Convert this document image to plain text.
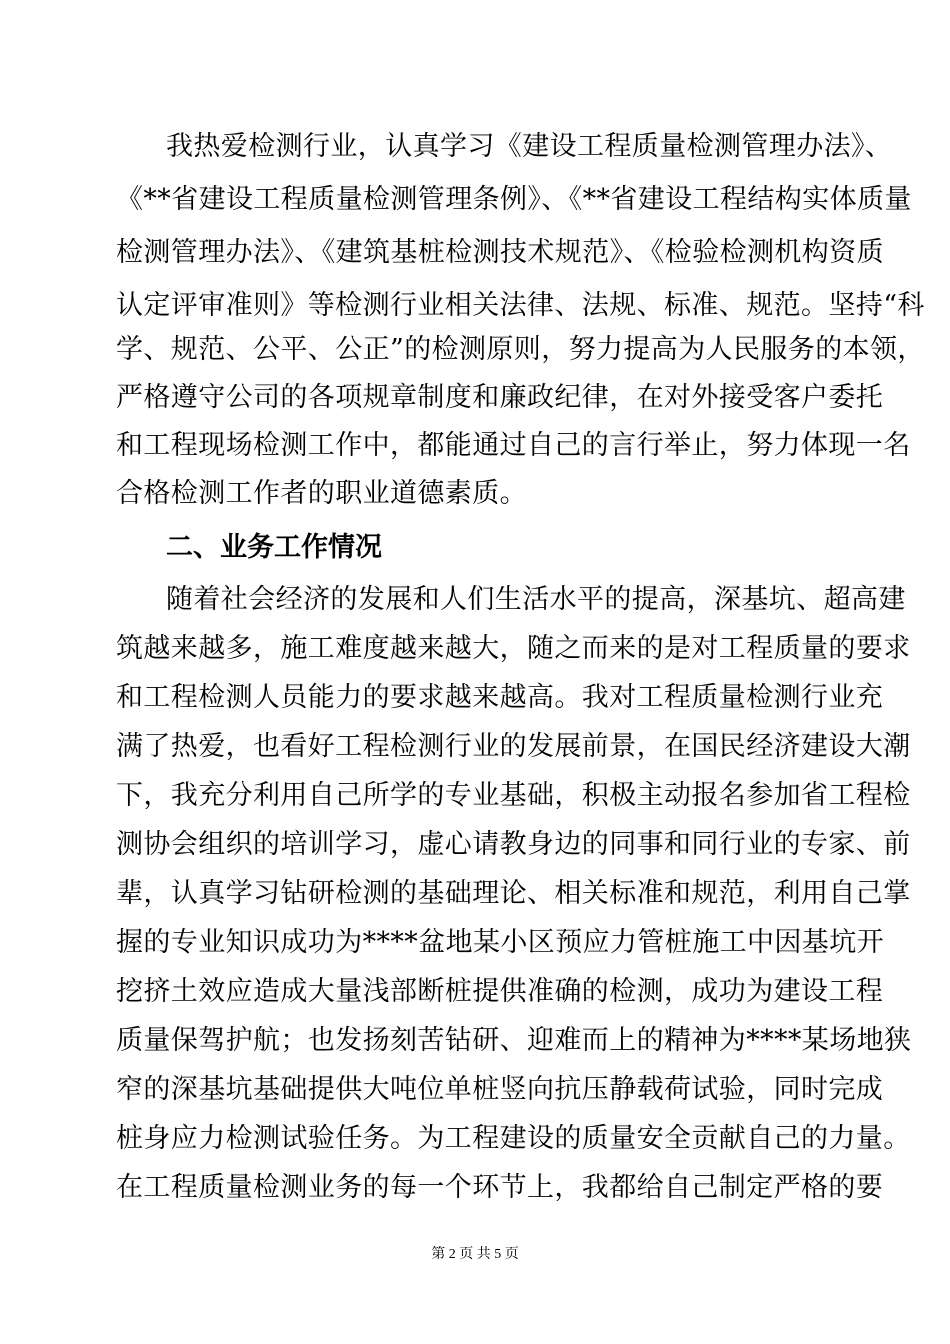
我热爱检测行业，认真学习《建设工程质量检测管理办法》、
《**省建设工程质量检测管理条例》、《**省建设工程结构实体质量
检测管理办法》、《建筑基桩检测技术规范》、《检验检测机构资质
认定评审准则》等检测行业相关法律、法规、标准、规范。坚持“科
学、规范、公平、公正”的检测原则，努力提高为人民服务的本领，
严格遵守公司的各项规章制度和廉政纪律，在对外接受客户委托
和工程现场检测工作中，都能通过自己的言行举止，努力体现一名
合格检测工作者的职业道德素质。
二、业务工作情况
随着社会经济的发展和人们生活水平的提高，深基坑、超高建
筑越来越多，施工难度越来越大，随之而来的是对工程质量的要求
和工程检测人员能力的要求越来越高。我对工程质量检测行业充
满了热爱，也看好工程检测行业的发展前景，在国民经济建设大潮
下，我充分利用自己所学的专业基础，积极主动报名参加省工程检
测协会组织的培训学习，虚心请教身边的同事和同行业的专家、前
辈，认真学习钻研检测的基础理论、相关标准和规范，利用自己掌
握的专业知识成功为****盆地某小区预应力管桩施工中因基坑开
挖挤土效应造成大量浅部断桩提供准确的检测，成功为建设工程
质量保驾护航；也发扬刻苦钻研、迎难而上的精神为****某场地狭
窄的深基坑基础提供大吨位单桩竖向抗压静载荷试验，同时完成
桩身应力检测试验任务。为工程建设的质量安全贡献自己的力量。
在工程质量检测业务的每一个环节上，我都给自己制定严格的要
第 2 页 共 5 页
